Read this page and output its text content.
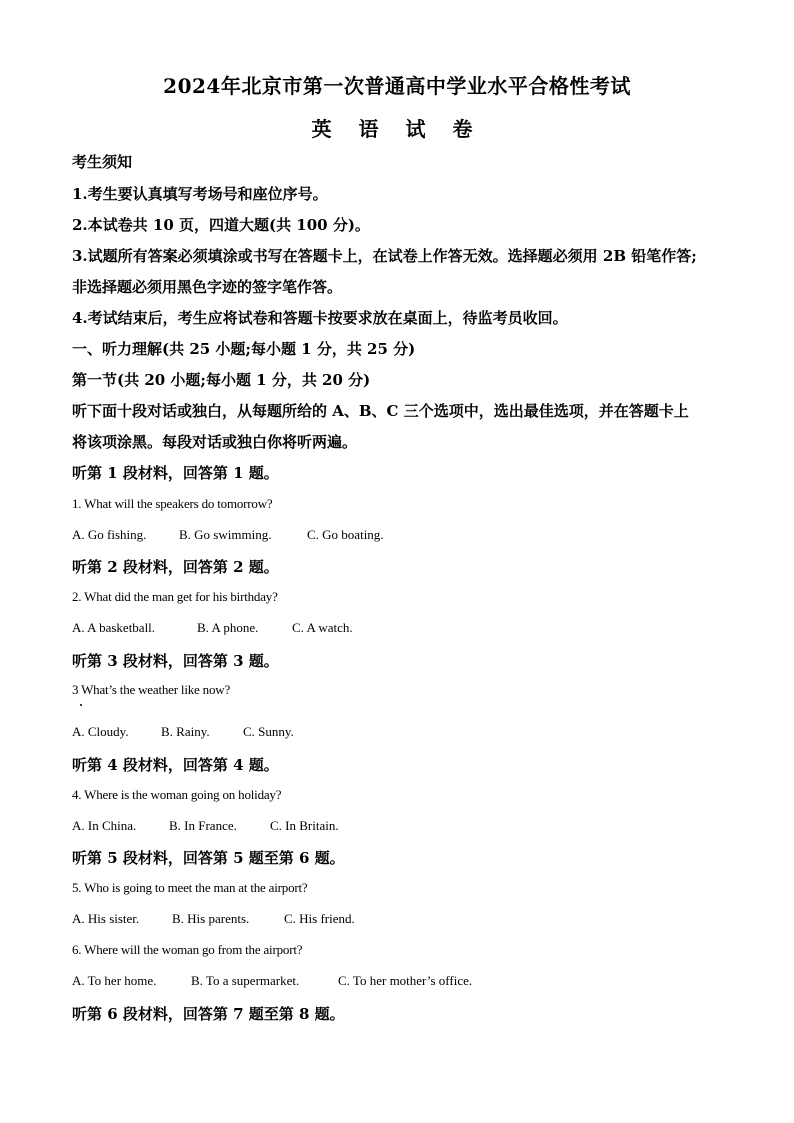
2024年北京市第一次普通高中学业水平合格性考试
英 语 试 卷
考生须知
1.考生要认真填写考场号和座位序号。
2.本试卷共 10 页，四道大题(共 100 分)。
3.试题所有答案必须填涂或书写在答题卡上，在试卷上作答无效。选择题必须用 2B 铅笔作答;
非选择题必须用黑色字迹的签字笔作答。
4.考试结束后，考生应将试卷和答题卡按要求放在桌面上，待监考员收回。
一、听力理解(共 25 小题;每小题 1 分，共 25 分)
第一节(共 20 小题;每小题 1 分，共 20 分)
听下面十段对话或独白，从每题所给的 A、B、C 三个选项中，选出最佳选项，并在答题卡上
将该项涂黑。每段对话或独白你将听两遍。
听第 1 段材料，回答第 1 题。
1. What will the speakers do tomorrow?
A. Go fishing.	B. Go swimming.	C. Go boating.
听第 2 段材料，回答第 2 题。
2. What did the man get for his birthday?
A. A basketball.	B. A phone.	C. A watch.
听第 3 段材料，回答第 3 题。
3 What’s the weather like now?
A. Cloudy. B. Rainy.	C. Sunny.
听第 4 段材料，回答第 4 题。
4. Where is the woman going on holiday?
A. In China.	B. In France.	C. In Britain.
听第 5 段材料，回答第 5 题至第 6 题。
5. Who is going to meet the man at the airport?
A. His sister.	B. His parents.	C. His friend.
6. Where will the woman go from the airport?
A. To her home.	B. To a supermarket.	C. To her mother’s office.
听第 6 段材料，回答第 7 题至第 8 题。
